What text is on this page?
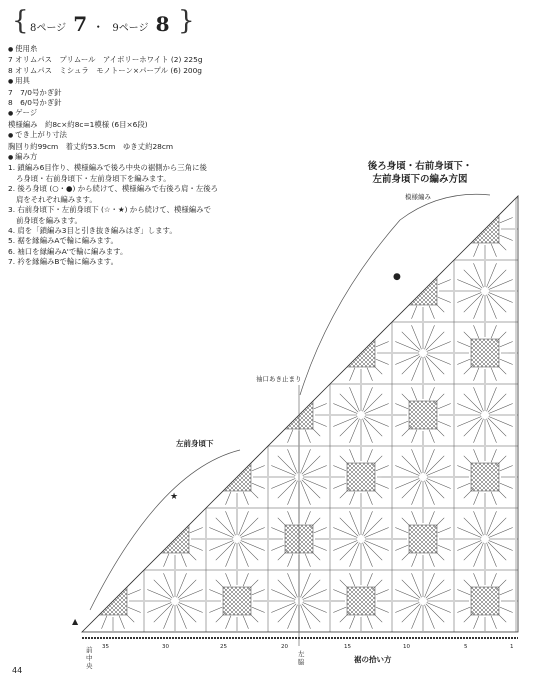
{ 8ページ 7 ・ 9ページ 8 }
● 使用糸
7 オリムパス　プリムール　アイボリーホワイト (2) 225g
8 オリムパス　ミシュラ　モノトーン×パープル (6) 200g
● 用具
7　7/0号かぎ針
8　6/0号かぎ針
● ゲージ
模様編み　約8c×約8c=1模様 (6目×6段)
● でき上がり寸法
胸回り約99cm　着丈約53.5cm　ゆき丈約28cm
● 編み方
1. 鎖編み6目作り、模様編みで後ろ中央の裾側から三角に後
ろ身頃・右前身頃下・左前身頃下を編みます。
2. 後ろ身頃 (○・●) から続けて、模様編みで右後ろ肩・左後ろ
肩をそれぞれ編みます。
3. 右前身頃下・左前身頃下 (☆・★) から続けて、模様編みで
前身頃を編みます。
4. 肩を「鎖編み3目と引き抜き編みはぎ」します。
5. 裾を縁編みAで輪に編みます。
6. 袖口を縁編みA'で輪に編みます。
7. 衿を縁編みBで輪に編みます。
後ろ身頃・右前身頃下・
左前身頃下の編み方図
模様編み
袖口あき止まり
左前身頃下
★
●
▲
前
中
央
左
脇	裾の拾い方
35	30	25	20	15	10	5	1
44
